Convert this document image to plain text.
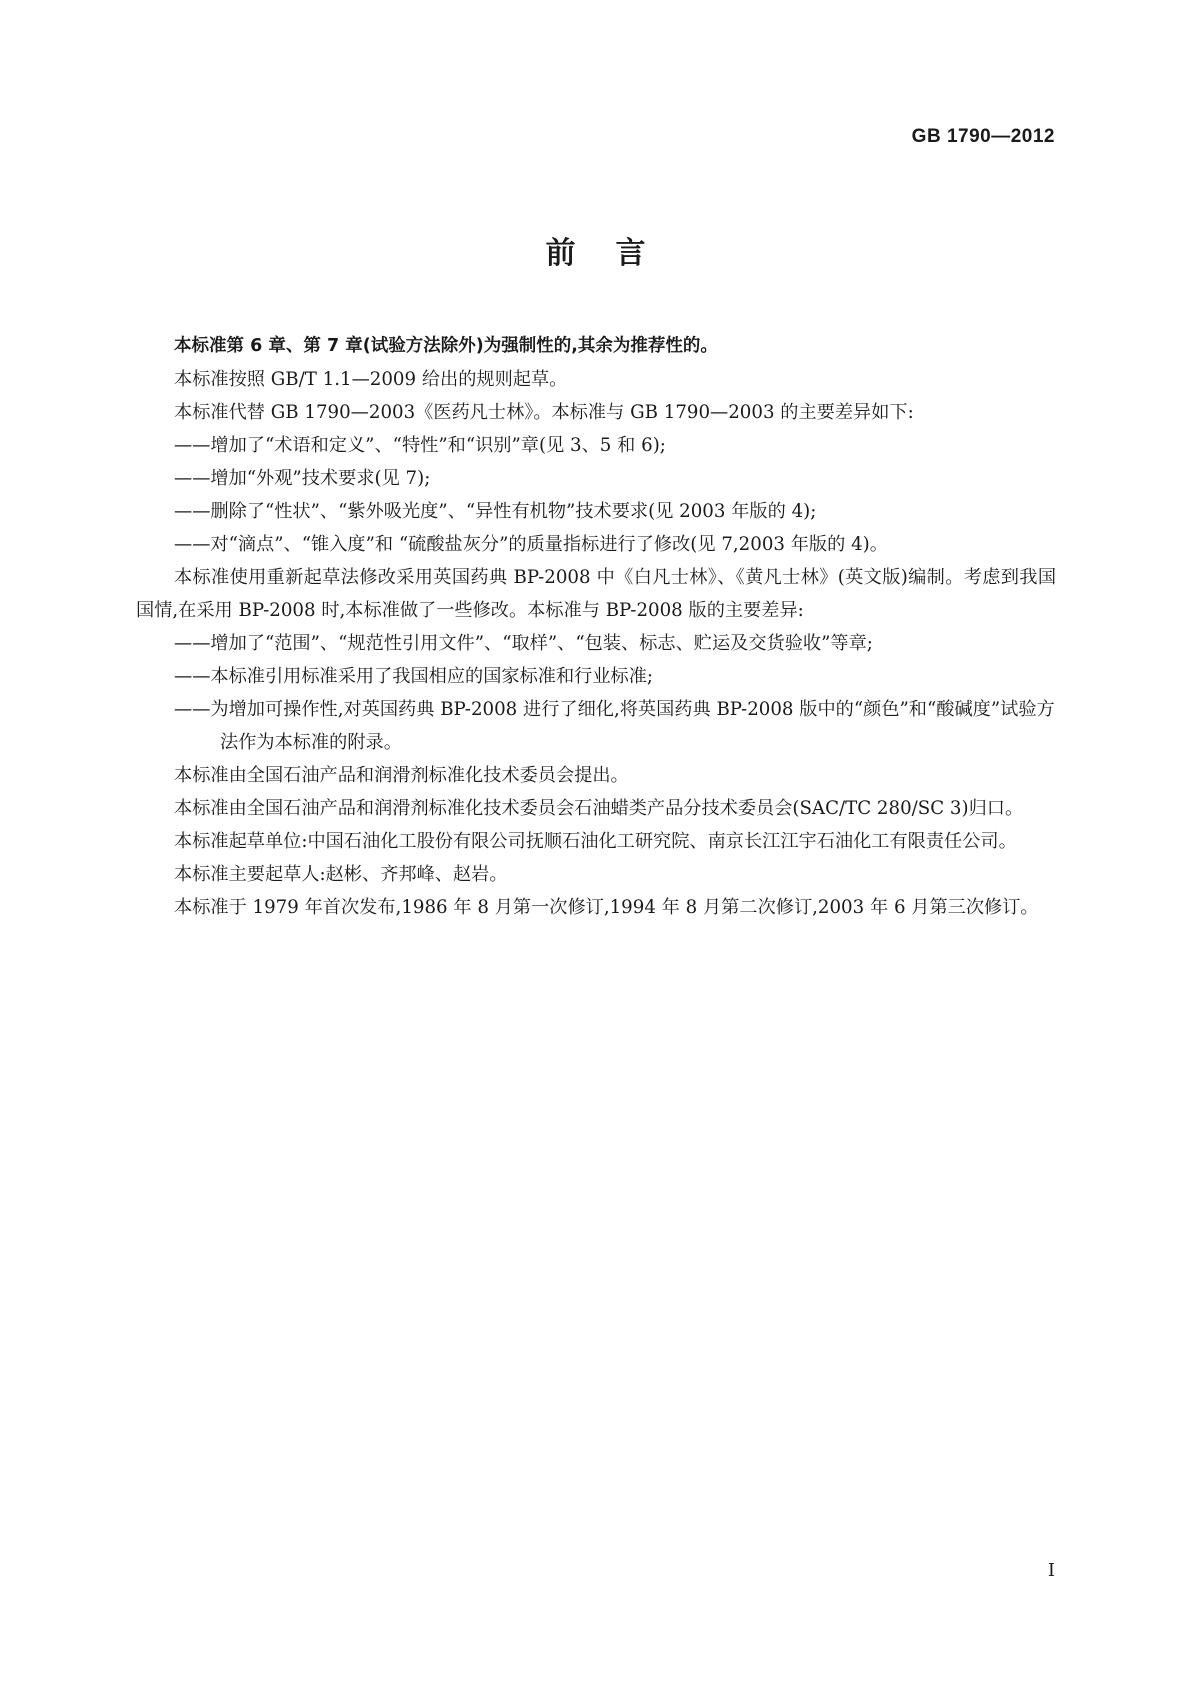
GB 1790—2012
前言

本标准第 6 章、第 7 章(试验方法除外)为强制性的,其余为推荐性的。

本标准按照 GB/T 1.1—2009 给出的规则起草。

本标准代替 GB 1790—2003《医药凡士林》。本标准与 GB 1790—2003 的主要差异如下:

——增加了“术语和定义”、“特性”和“识别”章(见 3、5 和 6);

——增加“外观”技术要求(见 7);

——删除了“性状”、“紫外吸光度”、“异性有机物”技术要求(见 2003 年版的 4);

——对“滴点”、“锥入度”和 “硫酸盐灰分”的质量指标进行了修改(见 7,2003 年版的 4)。

本标准使用重新起草法修改采用英国药典 BP-2008 中《白凡士林》、《黄凡士林》(英文版)编制。考虑到我国国情,在采用 BP-2008 时,本标准做了一些修改。本标准与 BP-2008 版的主要差异:

——增加了“范围”、“规范性引用文件”、“取样”、“包装、标志、贮运及交货验收”等章;

——本标准引用标准采用了我国相应的国家标准和行业标准;

——为增加可操作性,对英国药典 BP-2008 进行了细化,将英国药典 BP-2008 版中的“颜色”和“酸碱度”试验方法作为本标准的附录。

本标准由全国石油产品和润滑剂标准化技术委员会提出。

本标准由全国石油产品和润滑剂标准化技术委员会石油蜡类产品分技术委员会(SAC/TC 280/SC 3)归口。

本标准起草单位:中国石油化工股份有限公司抚顺石油化工研究院、南京长江江宇石油化工有限责任公司。

本标准主要起草人:赵彬、齐邦峰、赵岩。

本标准于 1979 年首次发布,1986 年 8 月第一次修订,1994 年 8 月第二次修订,2003 年 6 月第三次修订。

I
